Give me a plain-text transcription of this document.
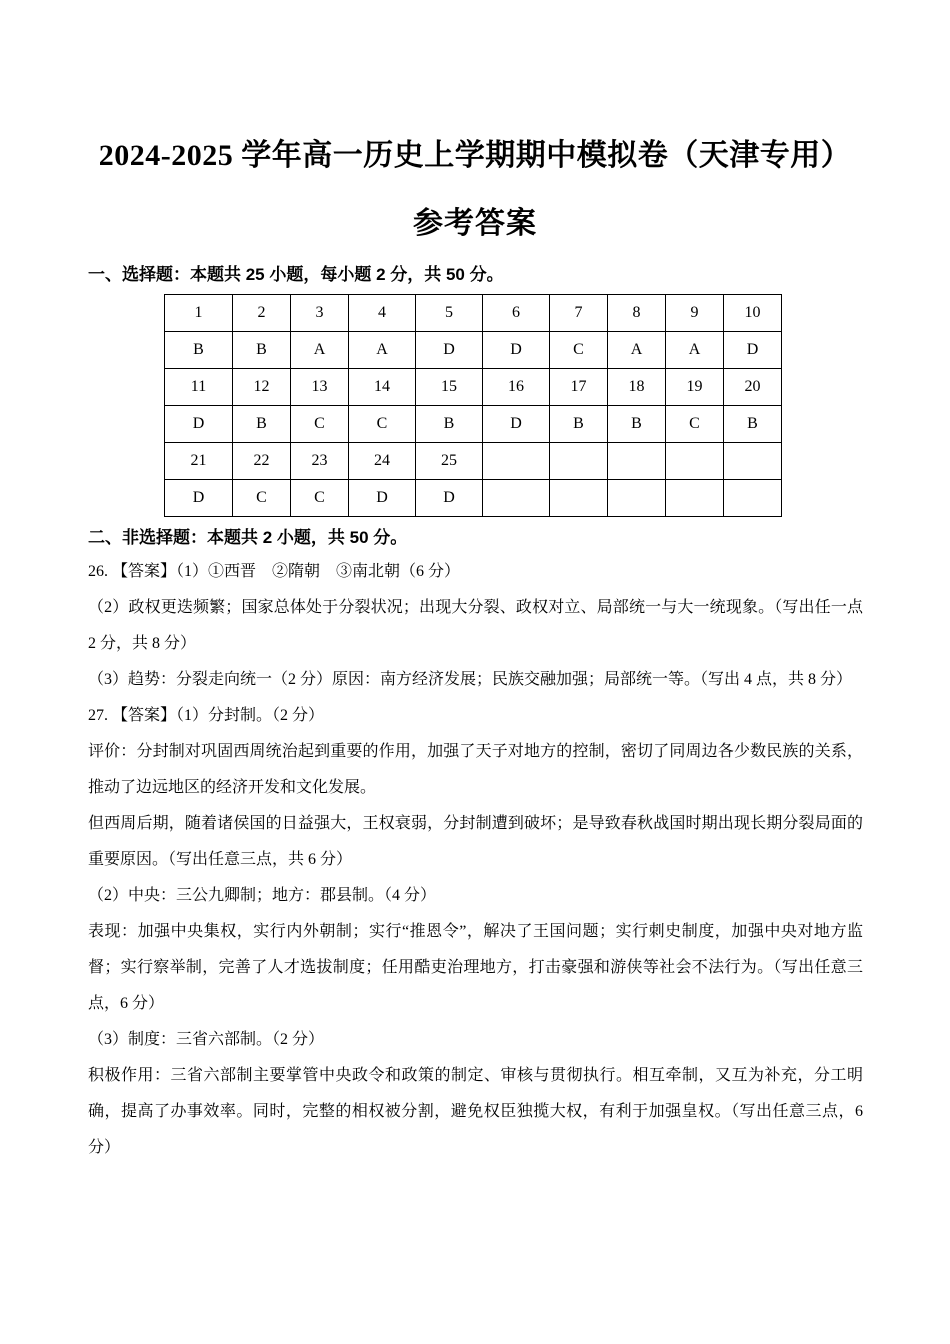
2024-2025 学年高一历史上学期期中模拟卷（天津专用）
参考答案
一、选择题：本题共 25 小题，每小题 2 分，共 50 分。
1	2	3	4	5	6	7	8	9	10
B	B	A	A	D	D	C	A	A	D
11	12	13	14	15	16	17	18	19	20
D	B	C	C	B	D	B	B	C	B
21	22	23	24	25					
D	C	C	D	D					
二、非选择题：本题共 2 小题，共 50 分。

26. 【答案】（1）①西晋　②隋朝　③南北朝（6 分）

（2）政权更迭频繁；国家总体处于分裂状况；出现大分裂、政权对立、局部统一与大一统现象。（写出任一点 2 分，共 8 分）

（3）趋势：分裂走向统一（2 分）原因：南方经济发展；民族交融加强；局部统一等。（写出 4 点，共 8 分）

27. 【答案】（1）分封制。（2 分）

评价：分封制对巩固西周统治起到重要的作用，加强了天子对地方的控制，密切了同周边各少数民族的关系，推动了边远地区的经济开发和文化发展。

但西周后期，随着诸侯国的日益强大，王权衰弱，分封制遭到破坏；是导致春秋战国时期出现长期分裂局面的重要原因。（写出任意三点，共 6 分）

（2）中央：三公九卿制；地方：郡县制。（4 分）

表现：加强中央集权，实行内外朝制；实行“推恩令”，解决了王国问题；实行刺史制度，加强中央对地方监督；实行察举制，完善了人才选拔制度；任用酷吏治理地方，打击豪强和游侠等社会不法行为。（写出任意三点，6 分）

（3）制度：三省六部制。（2 分）

积极作用：三省六部制主要掌管中央政令和政策的制定、审核与贯彻执行。相互牵制，又互为补充，分工明确，提高了办事效率。同时，完整的相权被分割，避免权臣独揽大权，有利于加强皇权。（写出任意三点，6 分）
